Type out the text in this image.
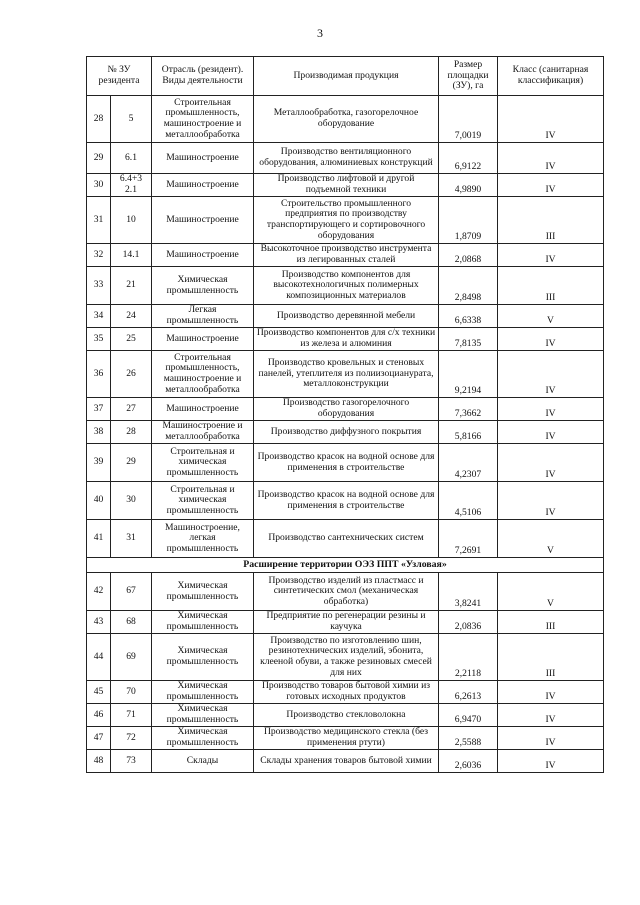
3
№ ЗУ резидента		Отрасль (резидент). Виды деятельности	Производимая продукция	Размер площадки (ЗУ), га	Класс (санитарная классификация)
28	5	Строительная промышленность, машиностроение и металлообработка	Металлообработка, газогорелочное оборудование	7,0019	IV
29	6.1	Машиностроение	Производство вентиляционного оборудования, алюминиевых конструкций	6,9122	IV
30	6.4+3 2.1	Машиностроение	Производство лифтовой и другой подъемной техники	4,9890	IV
31	10	Машиностроение	Строительство промышленного предприятия по производству транспортирующего и сортировочного оборудования	1,8709	III
32	14.1	Машиностроение	Высокоточное производство инструмента из легированных сталей	2,0868	IV
33	21	Химическая промышленность	Производство компонентов для высокотехнологичных полимерных композиционных материалов	2,8498	III
34	24	Легкая промышленность	Производство деревянной мебели	6,6338	V
35	25	Машиностроение	Производство компонентов для с/х техники из железа и алюминия	7,8135	IV
36	26	Строительная промышленность, машиностроение и металлообработка	Производство кровельных и стеновых панелей, утеплителя из полиизоцианурата, металлоконструкции	9,2194	IV
37	27	Машиностроение	Производство газогорелочного оборудования	7,3662	IV
38	28	Машиностроение и металлообработка	Производство диффузного покрытия	5,8166	IV
39	29	Строительная и химическая промышленность	Производство красок на водной основе для применения в строительстве	4,2307	IV
40	30	Строительная и химическая промышленность	Производство красок на водной основе для применения в строительстве	4,5106	IV
41	31	Машиностроение, легкая промышленность	Производство сантехнических систем	7,2691	V
Расширение территории ОЭЗ ППТ «Узловая»					
42	67	Химическая промышленность	Производство изделий из пластмасс и синтетических смол (механическая обработка)	3,8241	V
43	68	Химическая промышленность	Предприятие по регенерации резины и каучука	2,0836	III
44	69	Химическая промышленность	Производство по изготовлению шин, резинотехнических изделий, эбонита, клееной обуви, а также резиновых смесей для них	2,2118	III
45	70	Химическая промышленность	Производство товаров бытовой химии из готовых исходных продуктов	6,2613	IV
46	71	Химическая промышленность	Производство стекловолокна	6,9470	IV
47	72	Химическая промышленность	Производство медицинского стекла (без применения ртути)	2,5588	IV
48	73	Склады	Склады хранения товаров бытовой химии	2,6036	IV
